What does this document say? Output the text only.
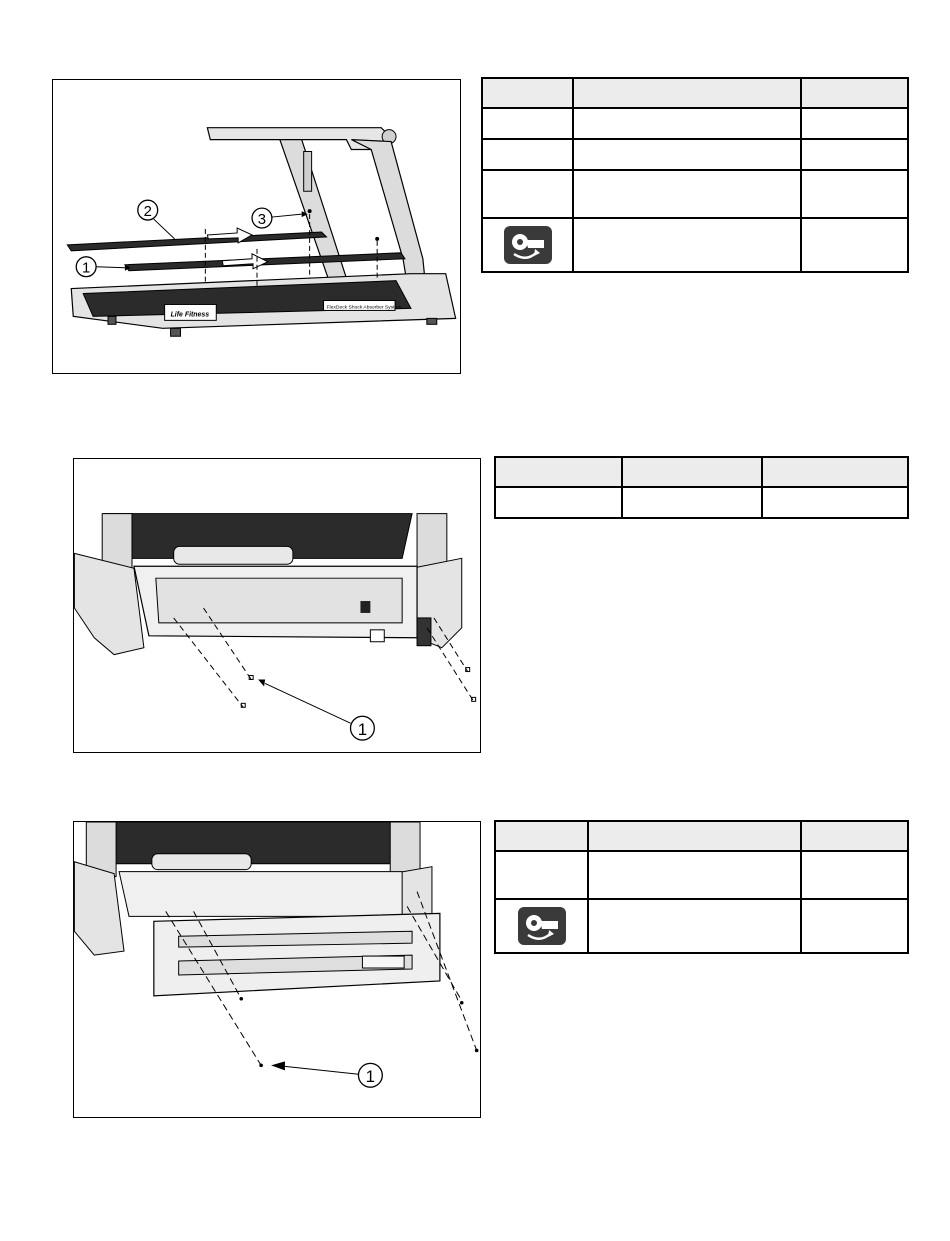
Life Fitness
FlexDeck Shock Absorber System
1
2	3

1

1
